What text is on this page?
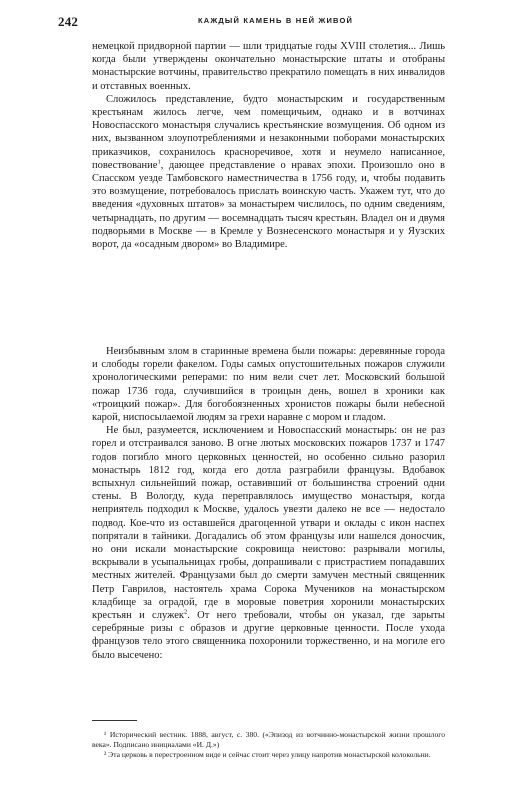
242	КАЖДЫЙ КАМЕНЬ В НЕЙ ЖИВОЙ

немецкой придворной партии — шли тридцатые годы XVIII столетия... Лишь когда были утверждены окончательно монастырские штаты и отобраны монастырские вотчины, правительство прекратило помещать в них инвалидов и отставных военных.

Сложилось представление, будто монастырским и государственным крестьянам жилось легче, чем помещичьим, однако и в вотчинах Новоспасского монастыря случались крестьянские возмущения. Об одном из них, вызванном злоупотреблениями и незаконными поборами монастырских приказчиков, сохранилось красноречивое, хотя и неумело написанное, повествование$^1$, дающее представление о нравах эпохи. Произошло оно в Спасском уезде Тамбовского наместничества в 1756 году, и, чтобы подавить это возмущение, потребовалось прислать воинскую часть. Укажем тут, что до введения «духовных штатов» за монастырем числилось, по одним сведениям, четырнадцать, по другим — восемнадцать тысяч крестьян. Владел он и двумя подворьями в Москве — в Кремле у Вознесенского монастыря и у Яузских ворот, да «осадным двором» во Владимире.

Неизбывным злом в старинные времена были пожары: деревянные города и слободы горели факелом. Годы самых опустошительных пожаров служили хронологическими реперами: по ним вели счет лет. Московский большой пожар 1736 года, случившийся в троицын день, вошел в хроники как «троицкий пожар». Для богобоязненных хронистов пожары были небесной карой, ниспосылаемой людям за грехи наравне с мором и гладом.

Не был, разумеется, исключением и Новоспасский монастырь: он не раз горел и отстраивался заново. В огне лютых московских пожаров 1737 и 1747 годов погибло много церковных ценностей, но особенно сильно разорил монастырь 1812 год, когда его дотла разграбили французы. Вдобавок вспыхнул сильнейший пожар, оставивший от большинства строений одни стены. В Вологду, куда переправлялось имущество монастыря, когда неприятель подходил к Москве, удалось увезти далеко не все — недостало подвод. Кое-что из оставшейся драгоценной утвари и оклады с икон наспех попрятали в тайники. Догадались об этом французы или нашелся доносчик, но они искали монастырские сокровища неистово: разрывали могилы, вскрывали в усыпальницах гробы, допрашивали с пристрастием попадавших местных жителей. Французами был до смерти замучен местный священник Петр Гаврилов, настоятель храма Сорока Мучеников на монастырском кладбище за оградой, где в моровые поветрия хоронили монастырских крестьян и служек$^2$. От него требовали, чтобы он указал, где зарыты серебряные ризы с образов и другие церковные ценности. После ухода французов тело этого священника похоронили торжественно, и на могиле его было высечено:

¹ Исторический вестник. 1888, август, с. 380. («Эпизод из вотчинно-монастырской жизни прошлого века». Подписано инициалами «И. Д.»)

² Эта церковь в перестроенном виде и сейчас стоит через улицу напротив монастырской колокольни.
